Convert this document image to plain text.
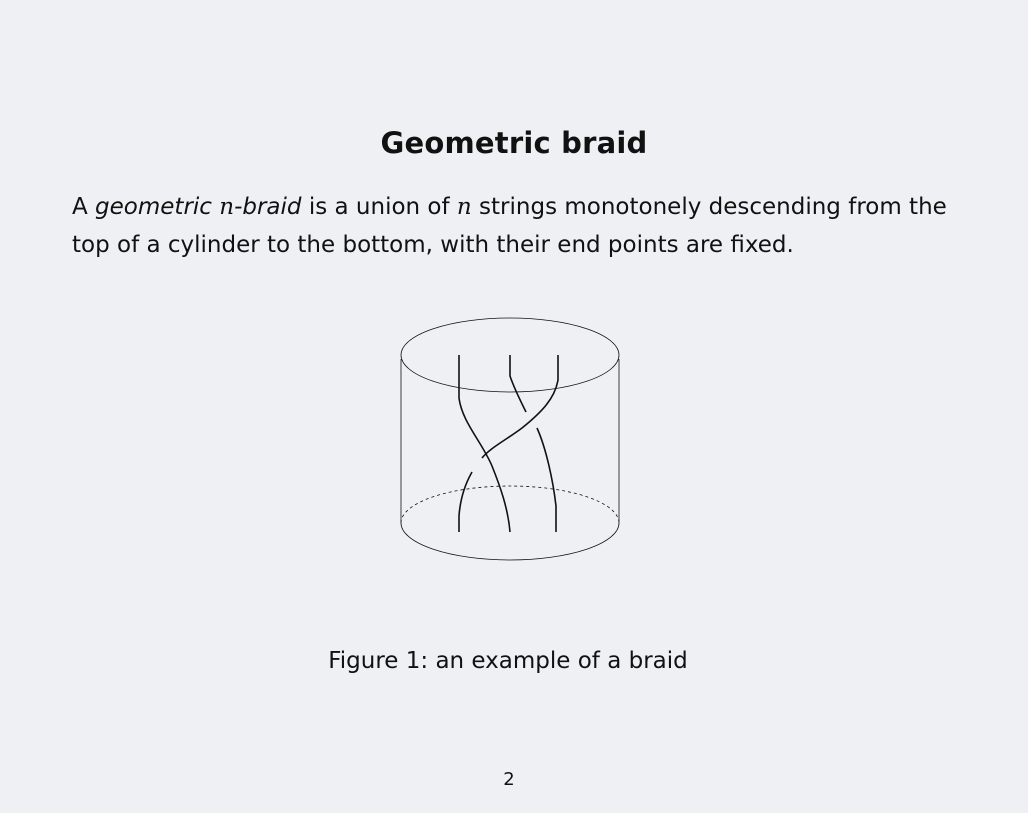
Geometric braid
A geometric n-braid is a union of n strings monotonely descending from the top of a cylinder to the bottom, with their end points are fixed.
Figure 1: an example of a braid
2
